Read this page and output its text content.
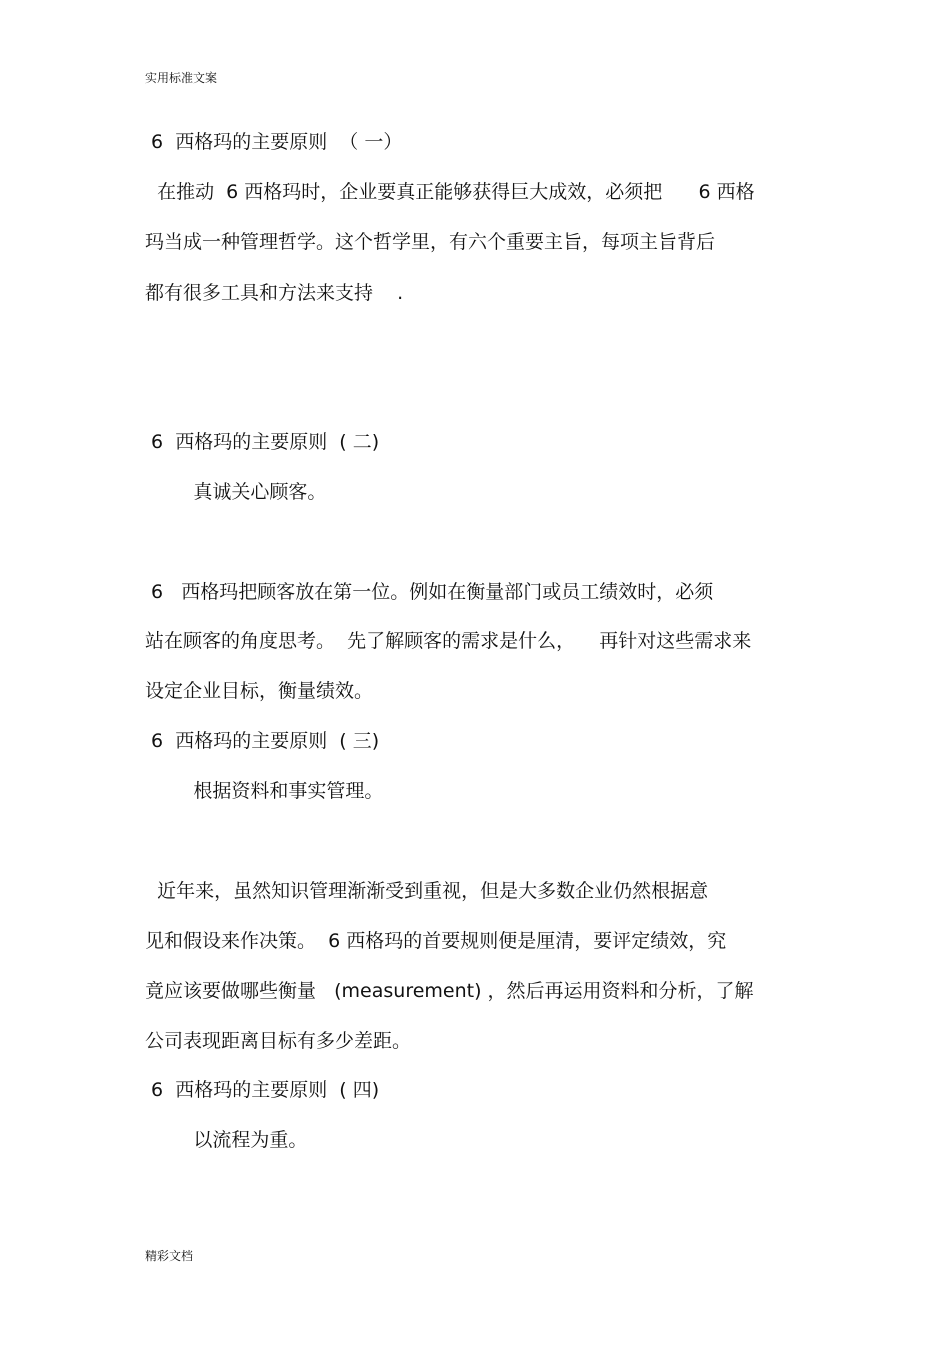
实用标准文案
6  西格玛的主要原则  （ 一）
在推动  6 西格玛时，企业要真正能够获得巨大成效，必须把      6 西格
玛当成一种管理哲学。这个哲学里，有六个重要主旨，每项主旨背后
都有很多工具和方法来支持    .
6  西格玛的主要原则  ( 二)
真诚关心顾客。
6   西格玛把顾客放在第一位。例如在衡量部门或员工绩效时，必须
站在顾客的角度思考。  先了解顾客的需求是什么，    再针对这些需求来
设定企业目标，衡量绩效。
6  西格玛的主要原则  ( 三)
根据资料和事实管理。
近年来，虽然知识管理渐渐受到重视，但是大多数企业仍然根据意
见和假设来作决策。  6 西格玛的首要规则便是厘清，要评定绩效，究
竟应该要做哪些衡量   (measurement) ，然后再运用资料和分析，了解
公司表现距离目标有多少差距。
6  西格玛的主要原则  ( 四)
以流程为重。
精彩文档
